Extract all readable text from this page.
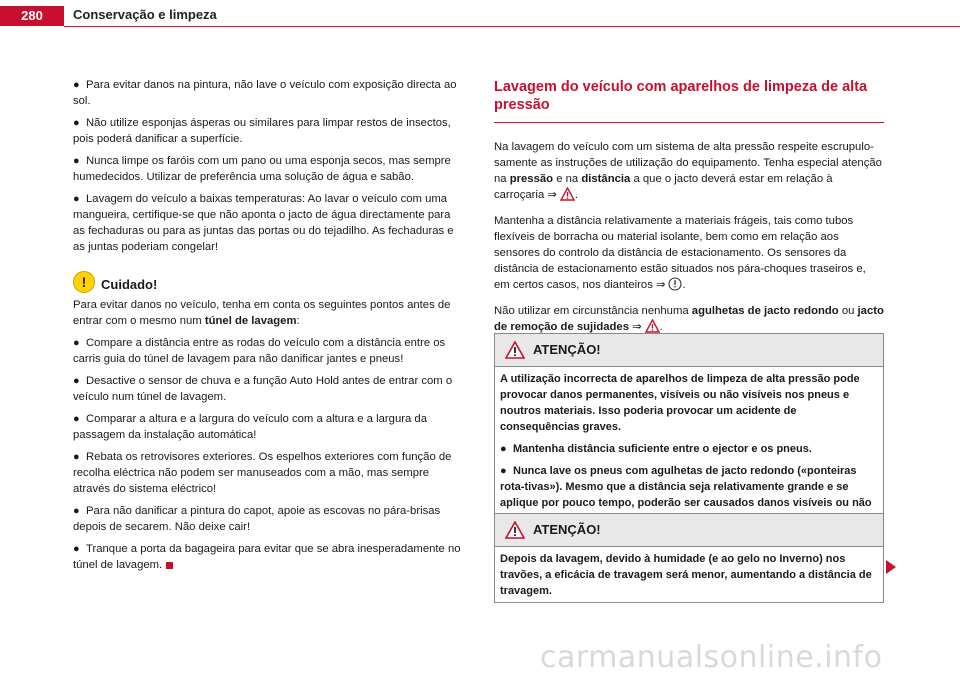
280	Conservação e limpeza
● Para evitar danos na pintura, não lave o veículo com exposição directa ao sol.
● Não utilize esponjas ásperas ou similares para limpar restos de insectos, pois poderá danificar a superfície.
● Nunca limpe os faróis com um pano ou uma esponja secos, mas sempre humedecidos. Utilizar de preferência uma solução de água e sabão.
● Lavagem do veículo a baixas temperaturas: Ao lavar o veículo com uma mangueira, certifique-se que não aponta o jacto de água directamente para as fechaduras ou para as juntas das portas ou do tejadilho. As fechaduras e as juntas poderiam congelar!
!	Cuidado!
Para evitar danos no veículo, tenha em conta os seguintes pontos antes de entrar com o mesmo num túnel de lavagem:
● Compare a distância entre as rodas do veículo com a distância entre os carris guia do túnel de lavagem para não danificar jantes e pneus!
● Desactive o sensor de chuva e a função Auto Hold antes de entrar com o veículo num túnel de lavagem.
● Comparar a altura e a largura do veículo com a altura e a largura da passagem da instalação automática!
● Rebata os retrovisores exteriores. Os espelhos exteriores com função de recolha eléctrica não podem ser manuseados com a mão, mas sempre através do sistema eléctrico!
● Para não danificar a pintura do capot, apoie as escovas no pára-brisas depois de secarem. Não deixe cair!
● Tranque a porta da bagageira para evitar que se abra inesperadamente no túnel de lavagem.
Lavagem do veículo com aparelhos de limpeza de alta
pressão

Na lavagem do veículo com um sistema de alta pressão respeite escrupulo-samente as instruções de utilização do equipamento. Tenha especial atenção na pressão e na distância a que o jacto deverá estar em relação à carroçaria ⇒ .

Mantenha a distância relativamente a materiais frágeis, tais como tubos flexíveis de borracha ou material isolante, bem como em relação aos sensores do controlo da distância de estacionamento. Os sensores da distância de estacionamento estão situados nos pára-choques traseiros e, em certos casos, nos dianteiros ⇒ .

Não utilizar em circunstância nenhuma agulhetas de jacto redondo ou jacto de remoção de sujidades ⇒ .

ATENÇÃO!
A utilização incorrecta de aparelhos de limpeza de alta pressão pode provocar danos permanentes, visíveis ou não visíveis nos pneus e noutros materiais. Isso poderia provocar um acidente de consequências graves.
● Mantenha distância suficiente entre o ejector e os pneus.
● Nunca lave os pneus com agulhetas de jacto redondo («ponteiras rota-tivas»). Mesmo que a distância seja relativamente grande e se aplique por pouco tempo, poderão ser causados danos visíveis ou não
ATENÇÃO!
Depois da lavagem, devido à humidade (e ao gelo no Inverno) nos travões, a eficácia de travagem será menor, aumentando a distância de travagem.
carmanualsonline.info
